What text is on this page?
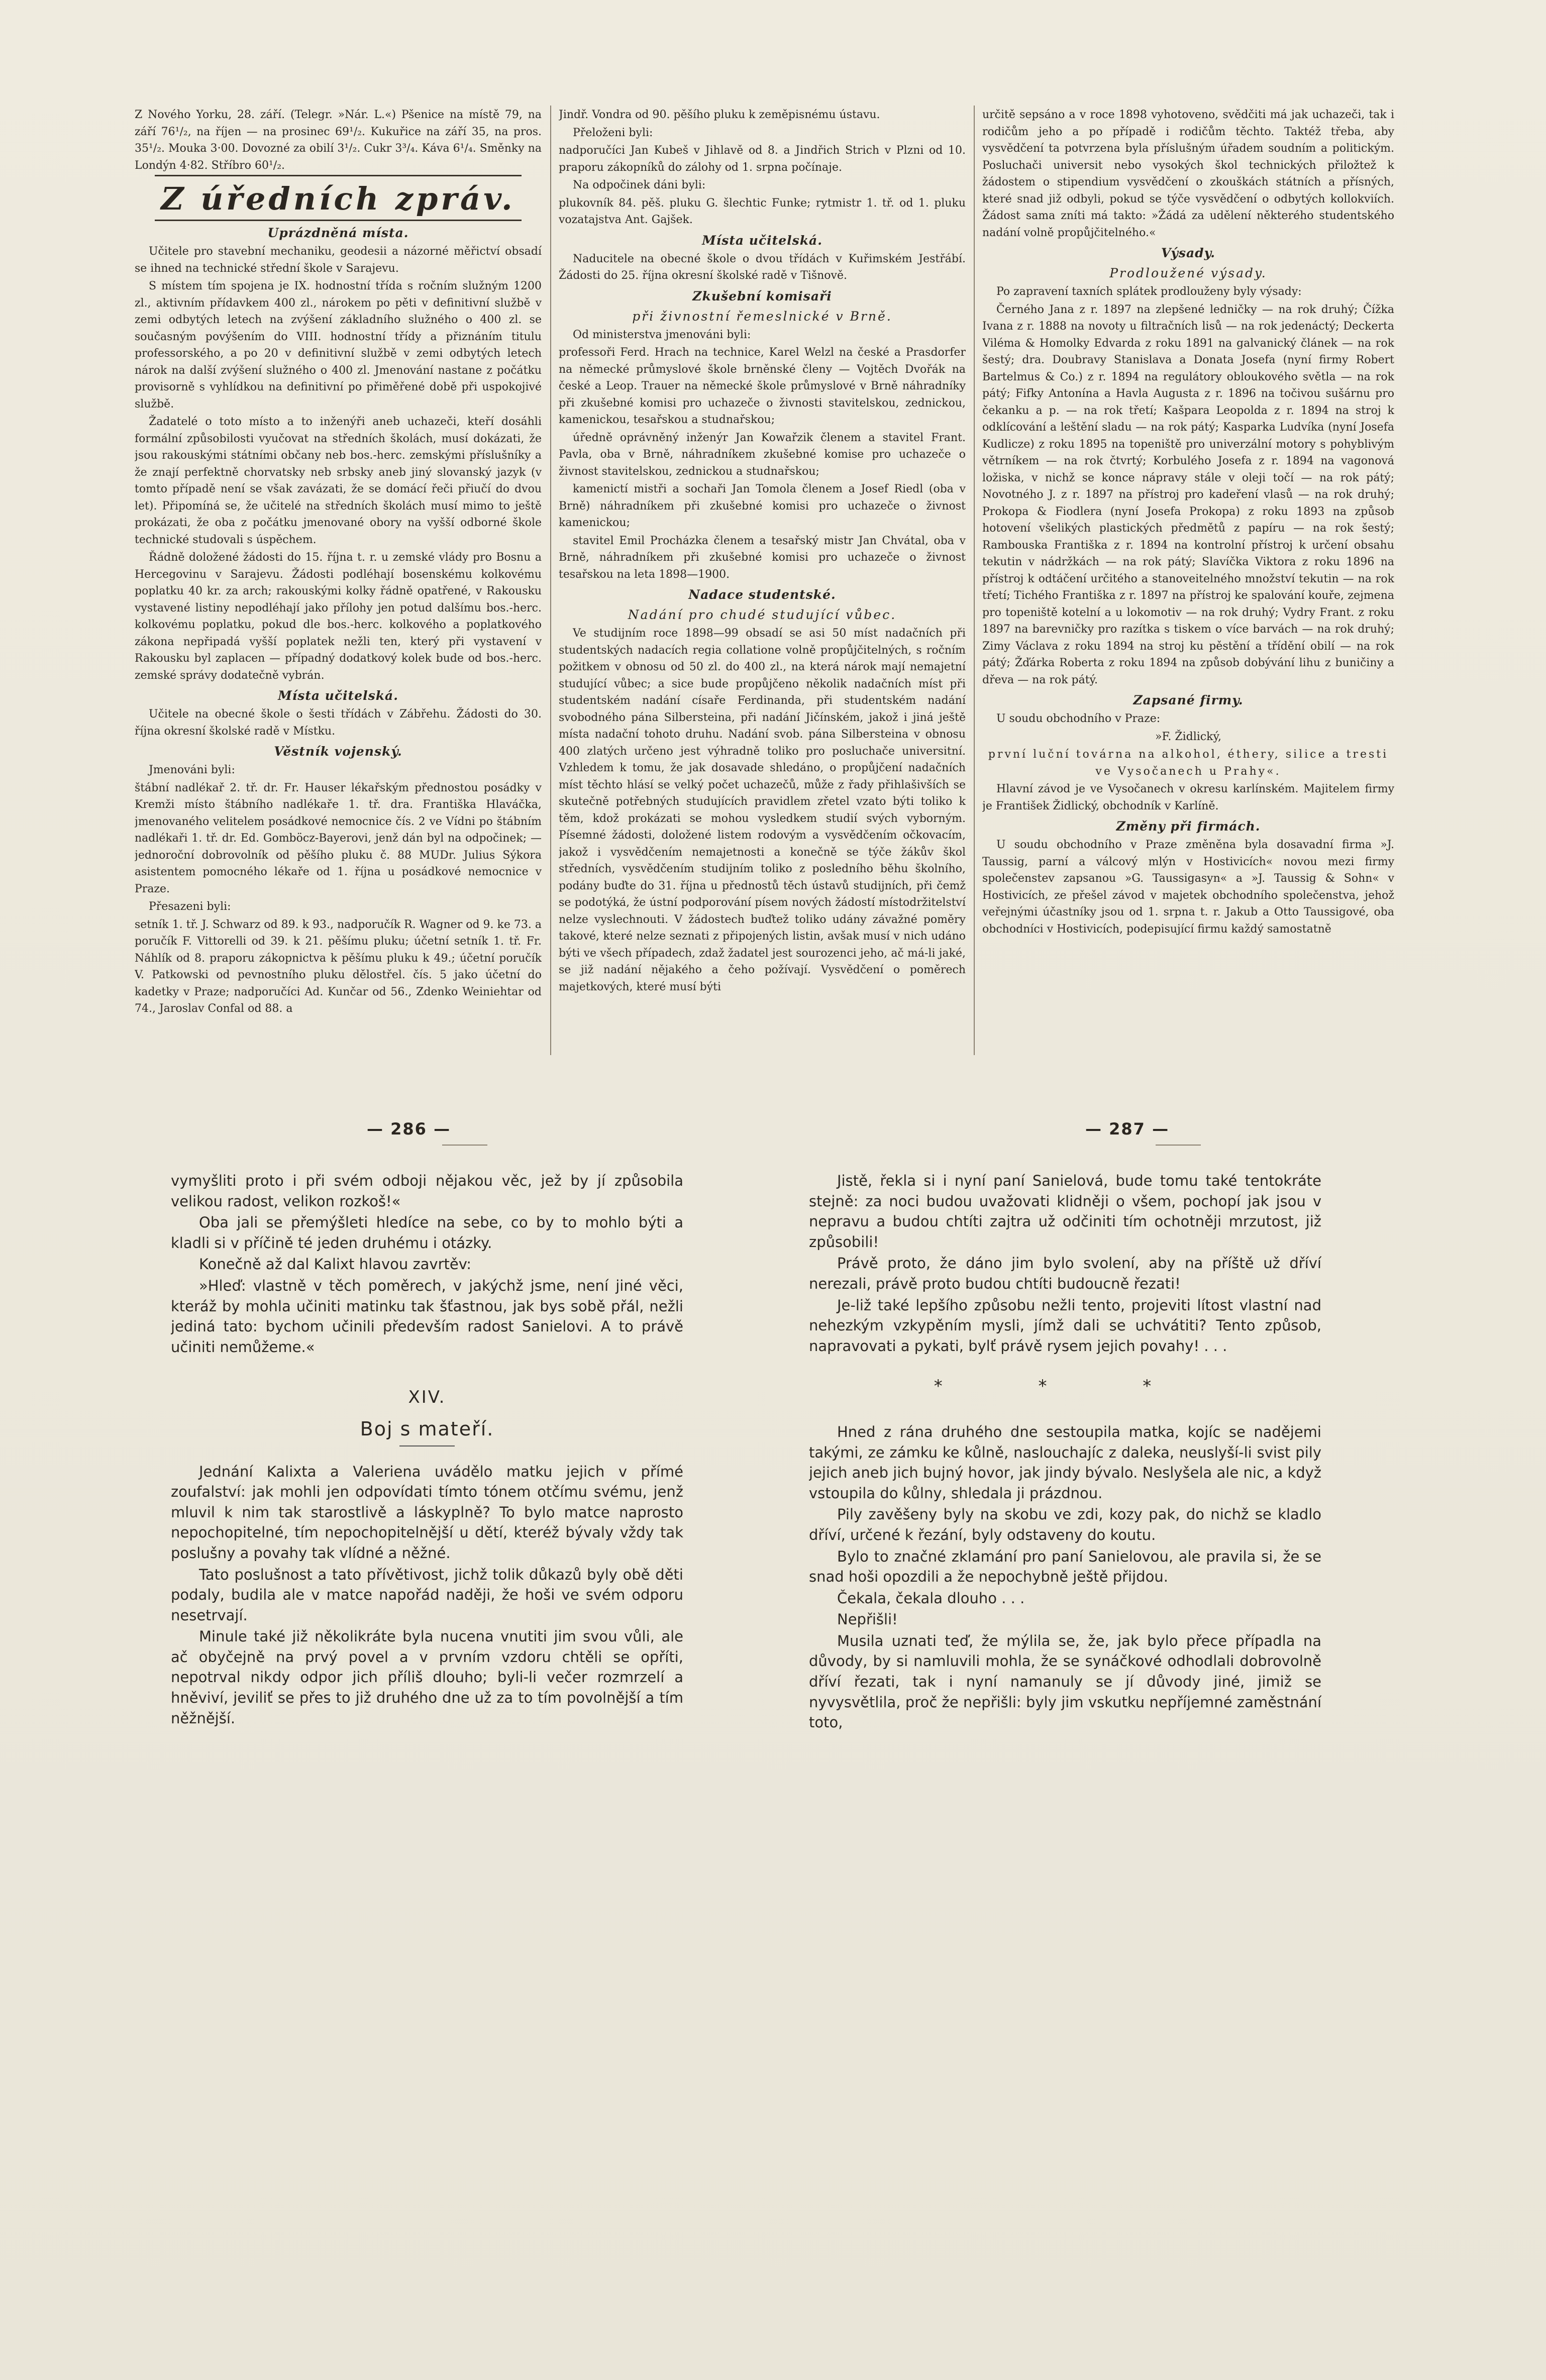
Z Nového Yorku, 28. září. (Telegr. »Nár. L.«) Pšenice na místě 79, na září 76¹/₂, na říjen — na prosinec 69¹/₂. Kukuřice na září 35, na pros. 35¹/₂. Mouka 3·00. Dovozné za obilí 3¹/₂. Cukr 3³/₄. Káva 6¹/₄. Směnky na Londýn 4·82. Stříbro 60¹/₂.

Z úředních zpráv.
Uprázdněná místa.

Učitele pro stavební mechaniku, geodesii a názorné měřictví obsadí se ihned na technické střední škole v Sarajevu.

S místem tím spojena je IX. hodnostní třída s ročním služným 1200 zl., aktivním přídavkem 400 zl., nárokem po pěti v definitivní službě v zemi odbytých letech na zvýšení základního služného o 400 zl. se současným povýšením do VIII. hodnostní třídy a přiznáním titulu professorského, a po 20 v definitivní službě v zemi odbytých letech nárok na další zvýšení služného o 400 zl. Jmenování nastane z počátku provisorně s vyhlídkou na definitivní po přiměřené době při uspokojivé službě.

Žadatelé o toto místo a to inženýři aneb uchazeči, kteří dosáhli formální způsobilosti vyučovat na středních školách, musí dokázati, že jsou rakouskými státními občany neb bos.-herc. zemskými příslušníky a že znají perfektně chorvatsky neb srbsky aneb jiný slovanský jazyk (v tomto případě není se však zavázati, že se domácí řeči přiučí do dvou let). Připomíná se, že učitelé na středních školách musí mimo to ještě prokázati, že oba z počátku jmenované obory na vyšší odborné škole technické studovali s úspěchem.

Řádně doložené žádosti do 15. října t. r. u zemské vlády pro Bosnu a Hercegovinu v Sarajevu. Žádosti podléhají bosenskému kolkovému poplatku 40 kr. za arch; rakouskými kolky řádně opatřené, v Rakousku vystavené listiny nepodléhají jako přílohy jen potud dalšímu bos.-herc. kolkovému poplatku, pokud dle bos.-herc. kolkového a poplatkového zákona nepřipadá vyšší poplatek nežli ten, který při vystavení v Rakousku byl zaplacen — případný dodatkový kolek bude od bos.-herc. zemské správy dodatečně vybrán.

Místa učitelská.

Učitele na obecné škole o šesti třídách v Zábřehu. Žádosti do 30. října okresní školské radě v Místku.

Věstník vojenský.

Jmenováni byli:

štábní nadlékař 2. tř. dr. Fr. Hauser lékařským přednostou posádky v Kremži místo štábního nadlékaře 1. tř. dra. Františka Hlaváčka, jmenovaného velitelem posádkové nemocnice čís. 2 ve Vídni po štábním nadlékaři 1. tř. dr. Ed. Gomböcz-Bayerovi, jenž dán byl na odpočinek; — jednoroční dobrovolník od pěšího pluku č. 88 MUDr. Julius Sýkora asistentem pomocného lékaře od 1. října u posádkové nemocnice v Praze.

Přesazeni byli:

setník 1. tř. J. Schwarz od 89. k 93., nadporučík R. Wagner od 9. ke 73. a poručík F. Vittorelli od 39. k 21. pěšímu pluku; účetní setník 1. tř. Fr. Náhlík od 8. praporu zákopnictva k pěšímu pluku k 49.; účetní poručík V. Patkowski od pevnostního pluku dělostřel. čís. 5 jako účetní do kadetky v Praze; nadporučíci Ad. Kunčar od 56., Zdenko Weiniehtar od 74., Jaroslav Confal od 88. a

Jindř. Vondra od 90. pěšího pluku k zeměpisnému ústavu.

Přeloženi byli:

nadporučíci Jan Kubeš v Jihlavě od 8. a Jindřich Strich v Plzni od 10. praporu zákopníků do zálohy od 1. srpna počínaje.

Na odpočinek dáni byli:

plukovník 84. pěš. pluku G. šlechtic Funke; rytmistr 1. tř. od 1. pluku vozatajstva Ant. Gajšek.

Místa učitelská.

Naducitele na obecné škole o dvou třídách v Kuřimském Jestřábí. Žádosti do 25. října okresní školské radě v Tišnově.

Zkušební komisaři
při živnostní řemeslnické v Brně.

Od ministerstva jmenováni byli:

professoři Ferd. Hrach na technice, Karel Welzl na české a Prasdorfer na německé průmyslové škole brněnské členy — Vojtěch Dvořák na české a Leop. Trauer na německé škole průmyslové v Brně náhradníky při zkušebné komisi pro uchazeče o živnosti stavitelskou, zednickou, kamenickou, tesařskou a studnařskou;

úředně oprávněný inženýr Jan Kowařzik členem a stavitel Frant. Pavla, oba v Brně, náhradníkem zkušebné komise pro uchazeče o živnost stavitelskou, zednickou a studnařskou;

kamenictí mistři a sochaři Jan Tomola členem a Josef Riedl (oba v Brně) náhradníkem při zkušebné komisi pro uchazeče o živnost kamenickou;

stavitel Emil Procházka členem a tesařský mistr Jan Chvátal, oba v Brně, náhradníkem při zkušebné komisi pro uchazeče o živnost tesařskou na leta 1898—1900.

Nadace studentské.
Nadání pro chudé studující vůbec.

Ve studijním roce 1898—99 obsadí se asi 50 míst nadačních při studentských nadacích regia collatione volně propůjčitelných, s ročním požitkem v obnosu od 50 zl. do 400 zl., na která nárok mají nemajetní studující vůbec; a sice bude propůjčeno několik nadačních míst při studentském nadání císaře Ferdinanda, při studentském nadání svobodného pána Silbersteina, při nadání Jičínském, jakož i jiná ještě místa nadační tohoto druhu. Nadání svob. pána Silbersteina v obnosu 400 zlatých určeno jest výhradně toliko pro posluchače universitní. Vzhledem k tomu, že jak dosavade shledáno, o propůjčení nadačních míst těchto hlásí se velký počet uchazečů, může z řady přihlašivších se skutečně potřebných studujících pravidlem zřetel vzato býti toliko k těm, kdož prokázati se mohou vysledkem studií svých vyborným. Písemné žádosti, doložené listem rodovým a vysvědčením očkovacím, jakož i vysvědčením nemajetnosti a konečně se týče žákův škol středních, vysvědčením studijním toliko z posledního běhu školního, podány buďte do 31. října u přednostů těch ústavů studijních, při čemž se podotýká, že ústní podporování písem nových žádostí místodržitelství nelze vyslechnouti. V žádostech buďtež toliko udány závažné poměry takové, které nelze seznati z připojených listin, avšak musí v nich udáno býti ve všech případech, zdaž žadatel jest sourozenci jeho, ač má-li jaké, se již nadání nějakého a čeho požívají. Vysvědčení o poměrech majetkových, které musí býti

určitě sepsáno a v roce 1898 vyhotoveno, svědčiti má jak uchazeči, tak i rodičům jeho a po případě i rodičům těchto. Taktéž třeba, aby vysvědčení ta potvrzena byla příslušným úřadem soudním a politickým. Posluchači universit nebo vysokých škol technických přiložtež k žádostem o stipendium vysvědčení o zkouškách státních a přísných, které snad již odbyli, pokud se týče vysvědčení o odbytých kollokviích. Žádost sama zníti má takto: »Žádá za udělení některého studentského nadání volně propůjčitelného.«

Výsady.
Prodloužené výsady.

Po zapravení taxních splátek prodlouženy byly výsady:

Černého Jana z r. 1897 na zlepšené ledničky — na rok druhý; Čížka Ivana z r. 1888 na novoty u filtračních lisů — na rok jedenáctý; Deckerta Viléma & Homolky Edvarda z roku 1891 na galvanický článek — na rok šestý; dra. Doubravy Stanislava a Donata Josefa (nyní firmy Robert Bartelmus & Co.) z r. 1894 na regulátory obloukového světla — na rok pátý; Fifky Antonína a Havla Augusta z r. 1896 na točivou sušárnu pro čekanku a p. — na rok třetí; Kašpara Leopolda z r. 1894 na stroj k odklícování a leštění sladu — na rok pátý; Kasparka Ludvíka (nyní Josefa Kudlicze) z roku 1895 na topeniště pro univerzální motory s pohyblivým větrníkem — na rok čtvrtý; Korbulého Josefa z r. 1894 na vagonová ložiska, v nichž se konce nápravy stále v oleji točí — na rok pátý; Novotného J. z r. 1897 na přístroj pro kadeření vlasů — na rok druhý; Prokopa & Fiodlera (nyní Josefa Prokopa) z roku 1893 na způsob hotovení všelikých plastických předmětů z papíru — na rok šestý; Rambouska Františka z r. 1894 na kontrolní přístroj k určení obsahu tekutin v nádržkách — na rok pátý; Slavíčka Viktora z roku 1896 na přístroj k odtáčení určitého a stanoveitelného množství tekutin — na rok třetí; Tichého Františka z r. 1897 na přístroj ke spalování kouře, zejmena pro topeniště kotelní a u lokomotiv — na rok druhý; Vydry Frant. z roku 1897 na barevničky pro razítka s tiskem o více barvách — na rok druhý; Zimy Václava z roku 1894 na stroj ku pěstění a třídění obilí — na rok pátý; Žďárka Roberta z roku 1894 na způsob dobývání lihu z buničiny a dřeva — na rok pátý.

Zapsané firmy.

U soudu obchodního v Praze:

»F. Židlický,

první luční továrna na alkohol, éthery, silice a tresti ve Vysočanech u Prahy«.

Hlavní závod je ve Vysočanech v okresu karlínském. Majitelem firmy je František Židlický, obchodník v Karlíně.

Změny při firmách.

U soudu obchodního v Praze změněna byla dosavadní firma »J. Taussig, parní a válcový mlýn v Hostivicích« novou mezi firmy společenstev zapsanou »G. Taussigasyn« a »J. Taussig & Sohn« v Hostivicích, ze přešel závod v majetek obchodního společenstva, jehož veřejnými účastníky jsou od 1. srpna t. r. Jakub a Otto Taussigové, oba obchodníci v Hostivicích, podepisující firmu každý samostatně

— 286 —	— 287 —

vymyšliti proto i při svém odboji nějakou věc, jež by jí způsobila velikou radost, velikon rozkoš!«

Oba jali se přemýšleti hledíce na sebe, co by to mohlo býti a kladli si v příčině té jeden druhému i otázky.

Konečně až dal Kalixt hlavou zavrtěv:

»Hleď: vlastně v těch poměrech, v jakýchž jsme, není jiné věci, kteráž by mohla učiniti matinku tak šťastnou, jak bys sobě přál, nežli jediná tato: bychom učinili především radost Sanielovi. A to právě učiniti nemůžeme.«

XIV.
Boj s mateří.

Jednání Kalixta a Valeriena uvádělo matku jejich v přímé zoufalství: jak mohli jen odpovídati tímto tónem otčímu svému, jenž mluvil k nim tak starostlivě a láskyplně? To bylo matce naprosto nepochopitelné, tím nepochopitelnější u dětí, kteréž bývaly vždy tak poslušny a povahy tak vlídné a něžné.

Tato poslušnost a tato přívětivost, jichž tolik důkazů byly obě děti podaly, budila ale v matce napořád naději, že hoši ve svém odporu nesetrvají.

Minule také již několikráte byla nucena vnutiti jim svou vůli, ale ač obyčejně na prvý povel a v prvním vzdoru chtěli se opříti, nepotrval nikdy odpor jich příliš dlouho; byli-li večer rozmrzelí a hněviví, jeviliť se přes to již druhého dne už za to tím povolnější a tím něžnější.

Jistě, řekla si i nyní paní Sanielová, bude tomu také tentokráte stejně: za noci budou uvažovati klidněji o všem, pochopí jak jsou v nepravu a budou chtíti zajtra už odčiniti tím ochotněji mrzutost, již způsobili!

Právě proto, že dáno jim bylo svolení, aby na příště už dříví nerezali, právě proto budou chtíti budoucně řezati!

Je-liž také lepšího způsobu nežli tento, projeviti lítost vlastní nad nehezkým vzkypěním mysli, jímž dali se uchvátiti? Tento způsob, napravovati a pykati, bylť právě rysem jejich povahy! . . .

* * *

Hned z rána druhého dne sestoupila matka, kojíc se nadějemi takými, ze zámku ke kůlně, naslouchajíc z daleka, neuslyší-li svist pily jejich aneb jich bujný hovor, jak jindy bývalo. Neslyšela ale nic, a když vstoupila do kůlny, shledala ji prázdnou.

Pily zavěšeny byly na skobu ve zdi, kozy pak, do nichž se kladlo dříví, určené k řezání, byly odstaveny do koutu.

Bylo to značné zklamání pro paní Sanielovou, ale pravila si, že se snad hoši opozdili a že nepochybně ještě přijdou.

Čekala, čekala dlouho . . .

Nepřišli!

Musila uznati teď, že mýlila se, že, jak bylo přece případla na důvody, by si namluvili mohla, že se synáčkové odhodlali dobrovolně dříví řezati, tak i nyní namanuly se jí důvody jiné, jimiž se nyvysvětlila, proč že nepřišli: byly jim vskutku nepříjemné zaměstnání toto,
